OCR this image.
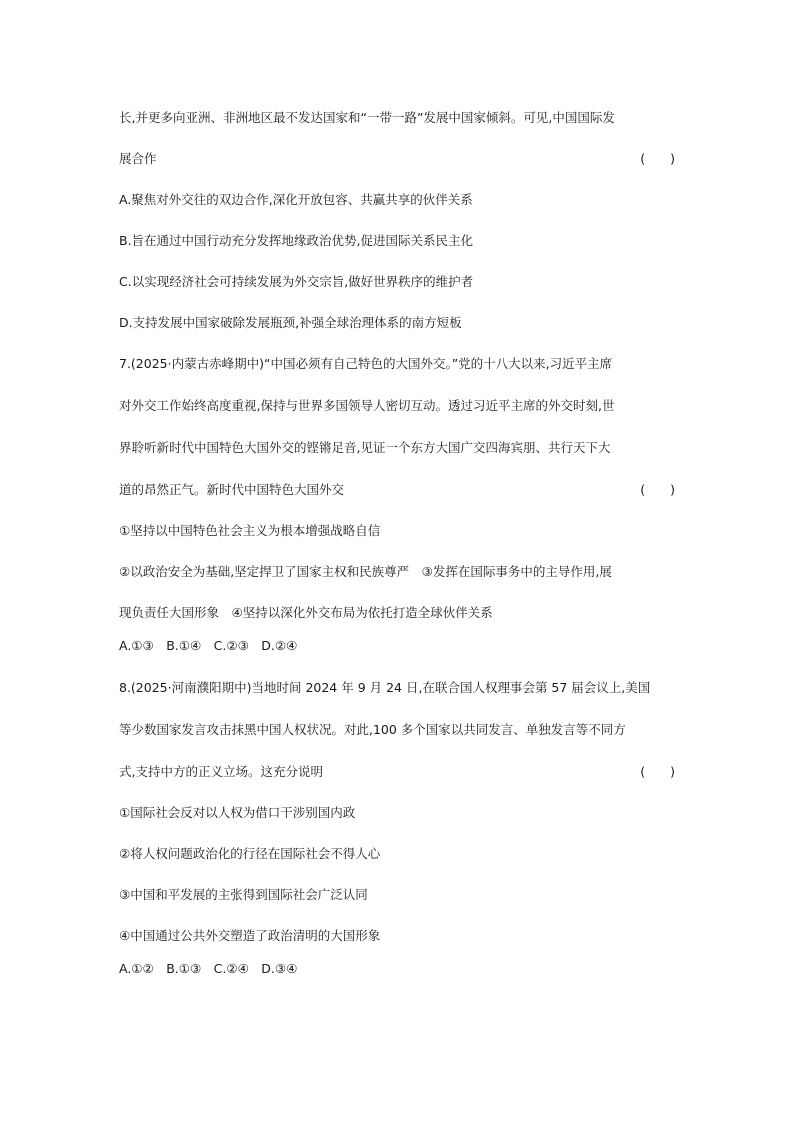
长,并更多向亚洲、非洲地区最不发达国家和“一带一路”发展中国家倾斜。可见,中国国际发
展合作	(　　)
A.聚焦对外交往的双边合作,深化开放包容、共赢共享的伙伴关系
B.旨在通过中国行动充分发挥地缘政治优势,促进国际关系民主化
C.以实现经济社会可持续发展为外交宗旨,做好世界秩序的维护者
D.支持发展中国家破除发展瓶颈,补强全球治理体系的南方短板
7.(2025·内蒙古赤峰期中)“中国必须有自己特色的大国外交。”党的十八大以来,习近平主席
对外交工作始终高度重视,保持与世界多国领导人密切互动。透过习近平主席的外交时刻,世
界聆听新时代中国特色大国外交的铿锵足音,见证一个东方大国广交四海宾朋、共行天下大
道的昂然正气。新时代中国特色大国外交	(　　)
①坚持以中国特色社会主义为根本增强战略自信
②以政治安全为基础,坚定捍卫了国家主权和民族尊严　③发挥在国际事务中的主导作用,展
现负责任大国形象　④坚持以深化外交布局为依托打造全球伙伴关系
A.①③　B.①④　C.②③　D.②④
8.(2025·河南濮阳期中)当地时间 2024 年 9 月 24 日,在联合国人权理事会第 57 届会议上,美国
等少数国家发言攻击抹黑中国人权状况。对此,100 多个国家以共同发言、单独发言等不同方
式,支持中方的正义立场。这充分说明	(　　)
①国际社会反对以人权为借口干涉别国内政
②将人权问题政治化的行径在国际社会不得人心
③中国和平发展的主张得到国际社会广泛认同
④中国通过公共外交塑造了政治清明的大国形象
A.①②　B.①③　C.②④　D.③④
